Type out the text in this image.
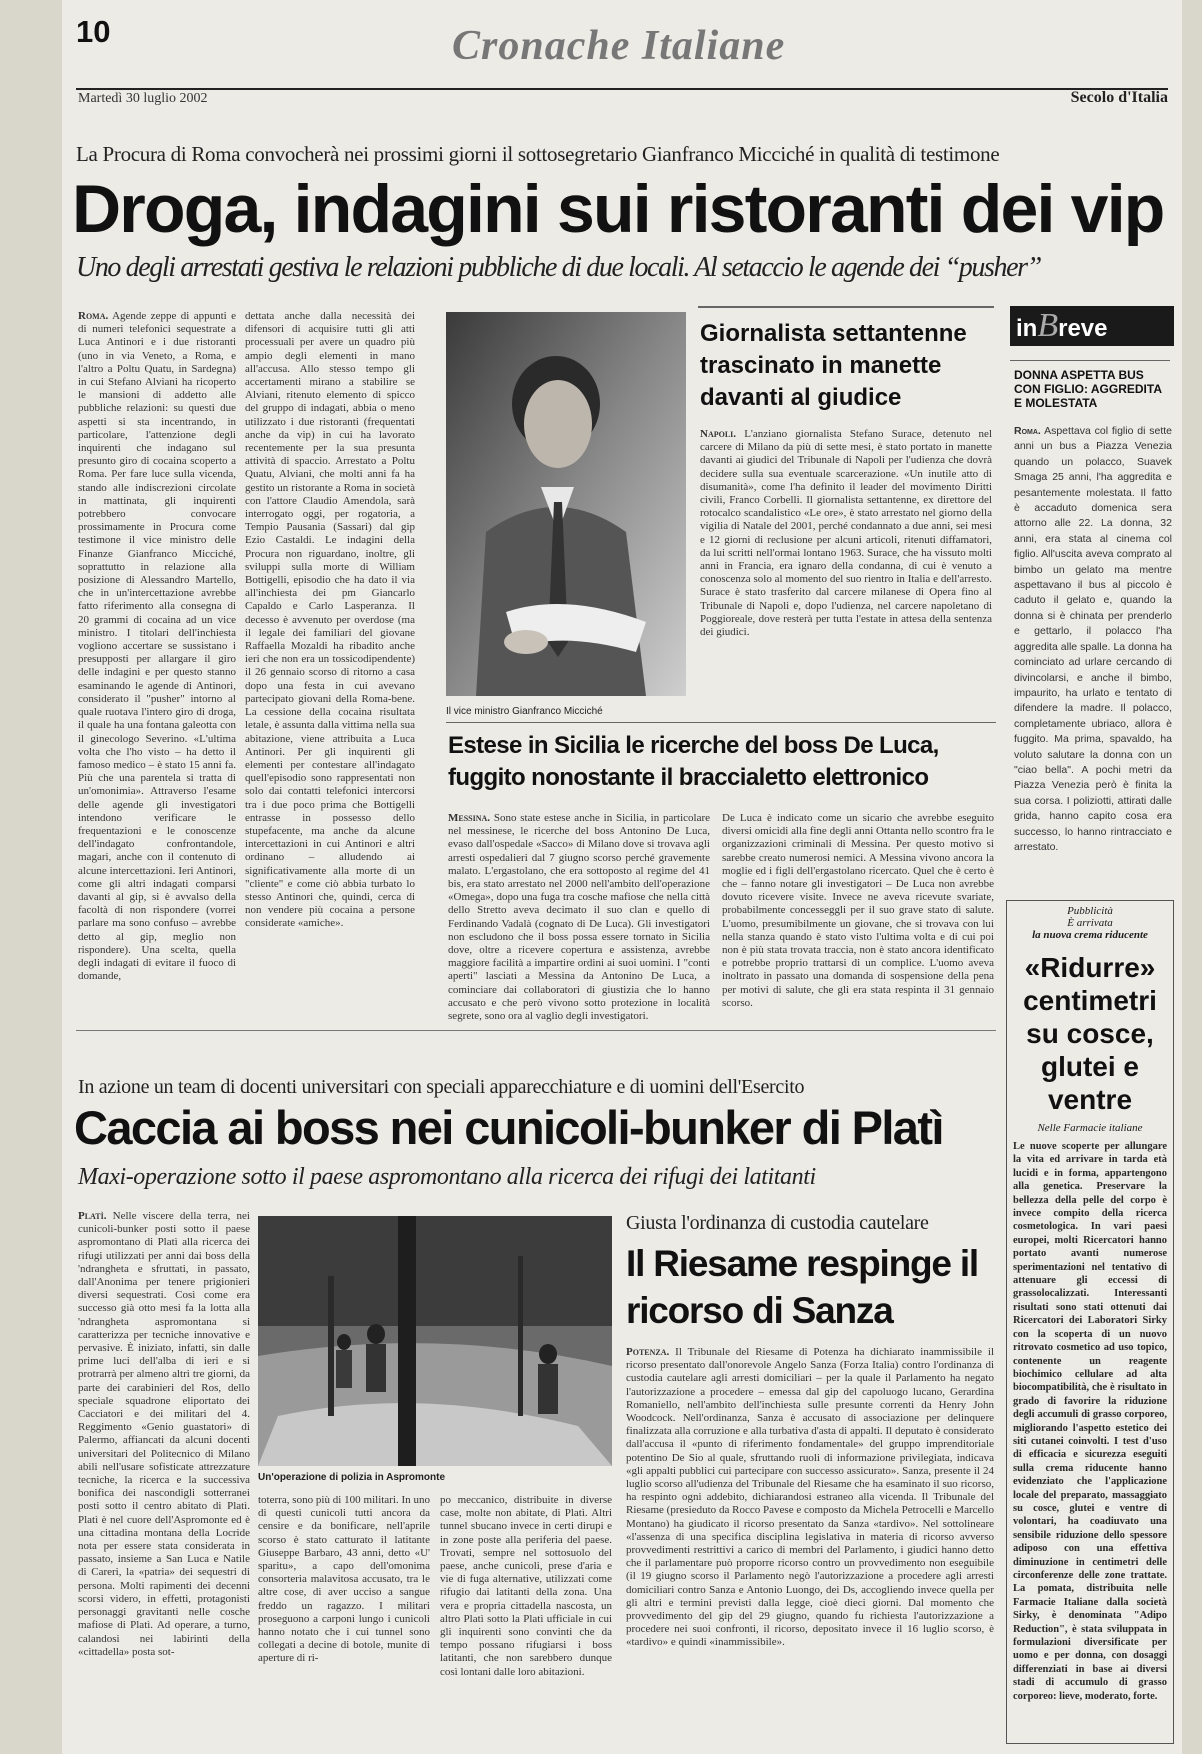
10	Cronache Italiane
Martedì 30 luglio 2002	Secolo d'Italia
La Procura di Roma convocherà nei prossimi giorni il sottosegretario Gianfranco Micciché in qualità di testimone
Droga, indagini sui ristoranti dei vip
Uno degli arrestati gestiva le relazioni pubbliche di due locali. Al setaccio le agende dei “pusher”
Roma. Agende zeppe di appunti e di numeri telefonici sequestrate a Luca Antinori e i due ristoranti (uno in via Veneto, a Roma, e l'altro a Poltu Quatu, in Sardegna) in cui Stefano Alviani ha ricoperto le mansioni di addetto alle pubbliche relazioni: su questi due aspetti si sta incentrando, in particolare, l'attenzione degli inquirenti che indagano sul presunto giro di cocaina scoperto a Roma. Per fare luce sulla vicenda, stando alle indiscrezioni circolate in mattinata, gli inquirenti potrebbero convocare prossimamente in Procura come testimone il vice ministro delle Finanze Gianfranco Micciché, soprattutto in relazione alla posizione di Alessandro Martello, che in un'intercettazione avrebbe fatto riferimento alla consegna di 20 grammi di cocaina ad un vice ministro. I titolari dell'inchiesta vogliono accertare se sussistano i presupposti per allargare il giro delle indagini e per questo stanno esaminando le agende di Antinori, considerato il "pusher" intorno al quale ruotava l'intero giro di droga, il quale ha una fontana galeotta con il ginecologo Severino. «L'ultima volta che l'ho visto – ha detto il famoso medico – è stato 15 anni fa. Più che una parentela si tratta di un'omonimia». Attraverso l'esame delle agende gli investigatori intendono verificare le frequentazioni e le conoscenze dell'indagato confrontandole, magari, anche con il contenuto di alcune intercettazioni. Ieri Antinori, come gli altri indagati comparsi davanti al gip, si è avvalso della facoltà di non rispondere (vorrei parlare ma sono confuso – avrebbe detto al gip, meglio non rispondere). Una scelta, quella degli indagati di evitare il fuoco di domande,
dettata anche dalla necessità dei difensori di acquisire tutti gli atti processuali per avere un quadro più ampio degli elementi in mano all'accusa. Allo stesso tempo gli accertamenti mirano a stabilire se Alviani, ritenuto elemento di spicco del gruppo di indagati, abbia o meno utilizzato i due ristoranti (frequentati anche da vip) in cui ha lavorato recentemente per la sua presunta attività di spaccio. Arrestato a Poltu Quatu, Alviani, che molti anni fa ha gestito un ristorante a Roma in società con l'attore Claudio Amendola, sarà interrogato oggi, per rogatoria, a Tempio Pausania (Sassari) dal gip Ezio Castaldi. Le indagini della Procura non riguardano, inoltre, gli sviluppi sulla morte di William Bottigelli, episodio che ha dato il via all'inchiesta dei pm Giancarlo Capaldo e Carlo Lasperanza. Il decesso è avvenuto per overdose (ma il legale dei familiari del giovane Raffaella Mozaldi ha ribadito anche ieri che non era un tossicodipendente) il 26 gennaio scorso di ritorno a casa dopo una festa in cui avevano partecipato giovani della Roma-bene. La cessione della cocaina risultata letale, è assunta dalla vittima nella sua abitazione, viene attribuita a Luca Antinori. Per gli inquirenti gli elementi per contestare all'indagato quell'episodio sono rappresentati non solo dai contatti telefonici intercorsi tra i due poco prima che Bottigelli entrasse in possesso dello stupefacente, ma anche da alcune intercettazioni in cui Antinori e altri ordinano – alludendo ai significativamente alla morte di un "cliente" e come ciò abbia turbato lo stesso Antinori che, quindi, cerca di non vendere più cocaina a persone considerate «amiche».
Il vice ministro Gianfranco Micciché
Giornalista settantenne trascinato in manette davanti al giudice
Napoli. L'anziano giornalista Stefano Surace, detenuto nel carcere di Milano da più di sette mesi, è stato portato in manette davanti ai giudici del Tribunale di Napoli per l'udienza che dovrà decidere sulla sua eventuale scarcerazione. «Un inutile atto di disumanità», come l'ha definito il leader del movimento Diritti civili, Franco Corbelli. Il giornalista settantenne, ex direttore del rotocalco scandalistico «Le ore», è stato arrestato nel giorno della vigilia di Natale del 2001, perché condannato a due anni, sei mesi e 12 giorni di reclusione per alcuni articoli, ritenuti diffamatori, da lui scritti nell'ormai lontano 1963. Surace, che ha vissuto molti anni in Francia, era ignaro della condanna, di cui è venuto a conoscenza solo al momento del suo rientro in Italia e dell'arresto. Surace è stato trasferito dal carcere milanese di Opera fino al Tribunale di Napoli e, dopo l'udienza, nel carcere napoletano di Poggioreale, dove resterà per tutta l'estate in attesa della sentenza dei giudici.
Estese in Sicilia le ricerche del boss De Luca, fuggito nonostante il braccialetto elettronico
Messina. Sono state estese anche in Sicilia, in particolare nel messinese, le ricerche del boss Antonino De Luca, evaso dall'ospedale «Sacco» di Milano dove si trovava agli arresti ospedalieri dal 7 giugno scorso perché gravemente malato. L'ergastolano, che era sottoposto al regime del 41 bis, era stato arrestato nel 2000 nell'ambito dell'operazione «Omega», dopo una fuga tra cosche mafiose che nella città dello Stretto aveva decimato il suo clan e quello di Ferdinando Vadalà (cognato di De Luca). Gli investigatori non escludono che il boss possa essere tornato in Sicilia dove, oltre a ricevere copertura e assistenza, avrebbe maggiore facilità a impartire ordini ai suoi uomini. I "conti aperti" lasciati a Messina da Antonino De Luca, a cominciare dai collaboratori di giustizia che lo hanno accusato e che però vivono sotto protezione in località segrete, sono ora al vaglio degli investigatori.
De Luca è indicato come un sicario che avrebbe eseguito diversi omicidi alla fine degli anni Ottanta nello scontro fra le organizzazioni criminali di Messina. Per questo motivo si sarebbe creato numerosi nemici. A Messina vivono ancora la moglie ed i figli dell'ergastolano ricercato. Quel che è certo è che – fanno notare gli investigatori – De Luca non avrebbe dovuto ricevere visite. Invece ne aveva ricevute svariate, probabilmente concesseggli per il suo grave stato di salute. L'uomo, presumibilmente un giovane, che si trovava con lui nella stanza quando è stato visto l'ultima volta e di cui poi non è più stata trovata traccia, non è stato ancora identificato e potrebbe proprio trattarsi di un complice. L'uomo aveva inoltrato in passato una domanda di sospensione della pena per motivi di salute, che gli era stata respinta il 31 gennaio scorso.
inBreve
DONNA ASPETTA BUS CON FIGLIO: AGGREDITA E MOLESTATA
Roma. Aspettava col figlio di sette anni un bus a Piazza Venezia quando un polacco, Suavek Smaga 25 anni, l'ha aggredita e pesantemente molestata. Il fatto è accaduto domenica sera attorno alle 22. La donna, 32 anni, era stata al cinema col figlio. All'uscita aveva comprato al bimbo un gelato ma mentre aspettavano il bus al piccolo è caduto il gelato e, quando la donna si è chinata per prenderlo e gettarlo, il polacco l'ha aggredita alle spalle. La donna ha cominciato ad urlare cercando di divincolarsi, e anche il bimbo, impaurito, ha urlato e tentato di difendere la madre. Il polacco, completamente ubriaco, allora è fuggito. Ma prima, spavaldo, ha voluto salutare la donna con un "ciao bella". A pochi metri da Piazza Venezia però è finita la sua corsa. I poliziotti, attirati dalle grida, hanno capito cosa era successo, lo hanno rintracciato e arrestato.
Pubblicità
È arrivata
la nuova crema riducente
«Ridurre» centimetri su cosce, glutei e ventre
Nelle Farmacie italiane
Le nuove scoperte per allungare la vita ed arrivare in tarda età lucidi e in forma, appartengono alla genetica. Preservare la bellezza della pelle del corpo è invece compito della ricerca cosmetologica. In vari paesi europei, molti Ricercatori hanno portato avanti numerose sperimentazioni nel tentativo di attenuare gli eccessi di grassolocalizzati. Interessanti risultati sono stati ottenuti dai Ricercatori dei Laboratori Sirky con la scoperta di un nuovo ritrovato cosmetico ad uso topico, contenente un reagente biochimico cellulare ad alta biocompatibilità, che è risultato in grado di favorire la riduzione degli accumuli di grasso corporeo, migliorando l'aspetto estetico dei siti cutanei coinvolti. I test d'uso di efficacia e sicurezza eseguiti sulla crema riducente hanno evidenziato che l'applicazione locale del preparato, massaggiato su cosce, glutei e ventre di volontari, ha coadiuvato una sensibile riduzione dello spessore adiposo con una effettiva diminuzione in centimetri delle circonferenze delle zone trattate. La pomata, distribuita nelle Farmacie Italiane dalla società Sirky, è denominata "Adipo Reduction", è stata sviluppata in formulazioni diversificate per uomo e per donna, con dosaggi differenziati in base ai diversi stadi di accumulo di grasso corporeo: lieve, moderato, forte.
In azione un team di docenti universitari con speciali apparecchiature e di uomini dell'Esercito
Caccia ai boss nei cunicoli-bunker di Platì
Maxi-operazione sotto il paese aspromontano alla ricerca dei rifugi dei latitanti
Platì. Nelle viscere della terra, nei cunicoli-bunker posti sotto il paese aspromontano di Platì alla ricerca dei rifugi utilizzati per anni dai boss della 'ndrangheta e sfruttati, in passato, dall'Anonima per tenere prigionieri diversi sequestrati. Così come era successo già otto mesi fa la lotta alla 'ndrangheta aspromontana si caratterizza per tecniche innovative e pervasive. È iniziato, infatti, sin dalle prime luci dell'alba di ieri e si protrarrà per almeno altri tre giorni, da parte dei carabinieri del Ros, dello speciale squadrone eliportato dei Cacciatori e dei militari del 4. Reggimento «Genio guastatori» di Palermo, affiancati da alcuni docenti universitari del Politecnico di Milano abili nell'usare sofisticate attrezzature tecniche, la ricerca e la successiva bonifica dei nascondigli sotterranei posti sotto il centro abitato di Platì. Platì è nel cuore dell'Aspromonte ed è una cittadina montana della Locride nota per essere stata considerata in passato, insieme a San Luca e Natile di Careri, la «patria» dei sequestri di persona. Molti rapimenti dei decenni scorsi videro, in effetti, protagonisti personaggi gravitanti nelle cosche mafiose di Platì. Ad operare, a turno, calandosi nei labirinti della «cittadella» posta sot-
Un'operazione di polizia in Aspromonte
toterra, sono più di 100 militari. In uno di questi cunicoli tutti ancora da censire e da bonificare, nell'aprile scorso è stato catturato il latitante Giuseppe Barbaro, 43 anni, detto «U' sparitu», a capo dell'omonima consorteria malavitosa accusato, tra le altre cose, di aver ucciso a sangue freddo un ragazzo. I militari proseguono a carponi lungo i cunicoli hanno notato che i cui tunnel sono collegati a decine di botole, munite di aperture di ri-
po meccanico, distribuite in diverse case, molte non abitate, di Platì. Altri tunnel sbucano invece in certi dirupi e in zone poste alla periferia del paese. Trovati, sempre nel sottosuolo del paese, anche cunicoli, prese d'aria e vie di fuga alternative, utilizzati come rifugio dai latitanti della zona. Una vera e propria cittadella nascosta, un altro Platì sotto la Platì ufficiale in cui gli inquirenti sono convinti che da tempo possano rifugiarsi i boss latitanti, che non sarebbero dunque così lontani dalle loro abitazioni.
Giusta l'ordinanza di custodia cautelare
Il Riesame respinge il ricorso di Sanza
Potenza. Il Tribunale del Riesame di Potenza ha dichiarato inammissibile il ricorso presentato dall'onorevole Angelo Sanza (Forza Italia) contro l'ordinanza di custodia cautelare agli arresti domiciliari – per la quale il Parlamento ha negato l'autorizzazione a procedere – emessa dal gip del capoluogo lucano, Gerardina Romaniello, nell'ambito dell'inchiesta sulle presunte correnti da Henry John Woodcock. Nell'ordinanza, Sanza è accusato di associazione per delinquere finalizzata alla corruzione e alla turbativa d'asta di appalti. Il deputato è considerato dall'accusa il «punto di riferimento fondamentale» del gruppo imprenditoriale potentino De Sio al quale, sfruttando ruoli di informazione privilegiata, indicava «gli appalti pubblici cui partecipare con successo assicurato». Sanza, presente il 24 luglio scorso all'udienza del Tribunale del Riesame che ha esaminato il suo ricorso, ha respinto ogni addebito, dichiarandosi estraneo alla vicenda. Il Tribunale del Riesame (presieduto da Rocco Pavese e composto da Michela Petrocelli e Marcello Montano) ha giudicato il ricorso presentato da Sanza «tardivo». Nel sottolineare «l'assenza di una specifica disciplina legislativa in materia di ricorso avverso provvedimenti restrittivi a carico di membri del Parlamento, i giudici hanno detto che il parlamentare può proporre ricorso contro un provvedimento non eseguibile (il 19 giugno scorso il Parlamento negò l'autorizzazione a procedere agli arresti domiciliari contro Sanza e Antonio Luongo, dei Ds, accogliendo invece quella per gli altri e termini previsti dalla legge, cioè dieci giorni. Dal momento che provvedimento del gip del 29 giugno, quando fu richiesta l'autorizzazione a procedere nei suoi confronti, il ricorso, depositato invece il 16 luglio scorso, è «tardivo» e quindi «inammissibile».
